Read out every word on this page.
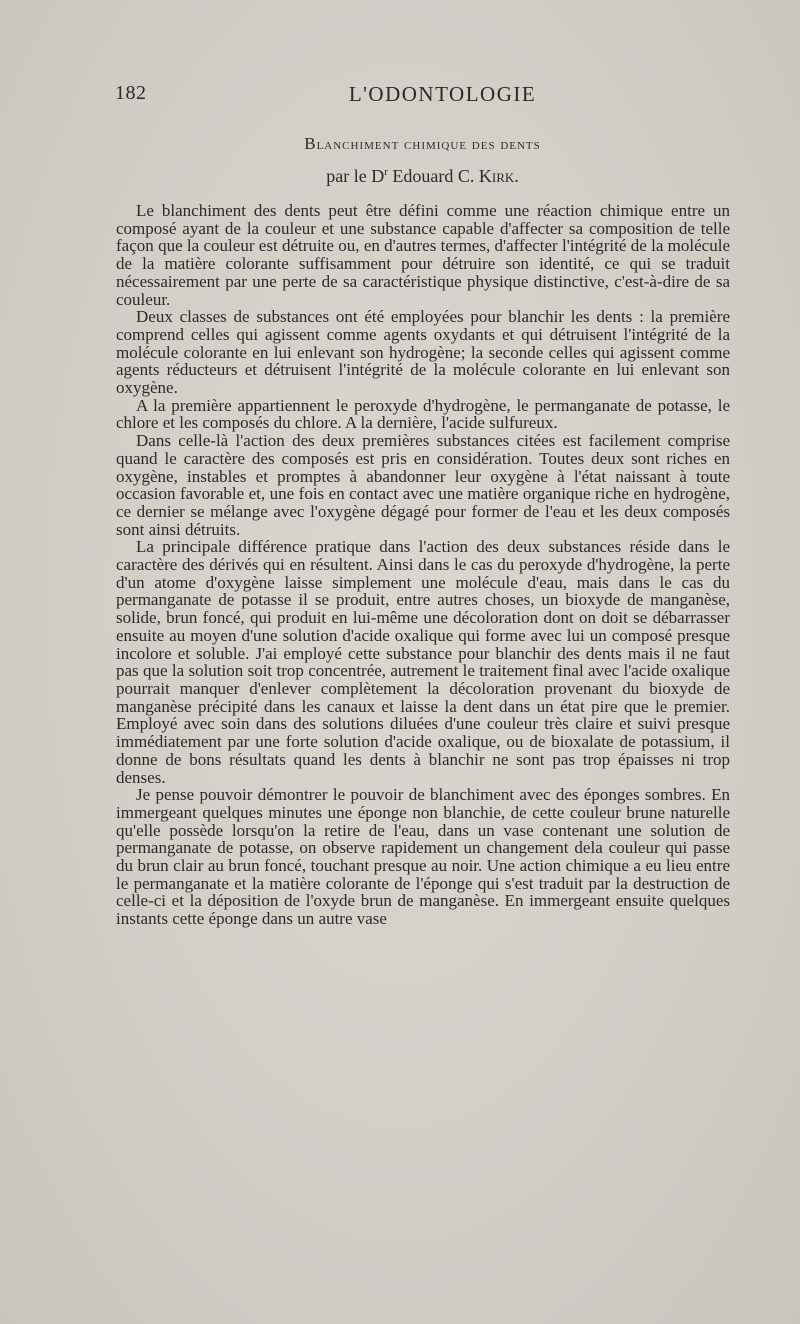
182	L'ODONTOLOGIE
Blanchiment chimique des dents
par le $D^r$ Edouard C. Kirk.

Le blanchiment des dents peut être défini comme une réaction chimique entre un composé ayant de la couleur et une substance capable d'affecter sa composition de telle façon que la couleur est détruite ou, en d'autres termes, d'affecter l'intégrité de la molécule de la matière colorante suffisamment pour détruire son identité, ce qui se traduit nécessairement par une perte de sa caractéristique physique distinctive, c'est-à-dire de sa couleur.

Deux classes de substances ont été employées pour blanchir les dents : la première comprend celles qui agissent comme agents oxydants et qui détruisent l'intégrité de la molécule colorante en lui enlevant son hydrogène; la seconde celles qui agissent comme agents réducteurs et détruisent l'intégrité de la molécule colorante en lui enlevant son oxygène.

A la première appartiennent le peroxyde d'hydrogène, le permanganate de potasse, le chlore et les composés du chlore. A la dernière, l'acide sulfureux.

Dans celle-là l'action des deux premières substances citées est facilement comprise quand le caractère des composés est pris en considération. Toutes deux sont riches en oxygène, instables et promptes à abandonner leur oxygène à l'état naissant à toute occasion favorable et, une fois en contact avec une matière organique riche en hydrogène, ce dernier se mélange avec l'oxygène dégagé pour former de l'eau et les deux composés sont ainsi détruits.

La principale différence pratique dans l'action des deux substances réside dans le caractère des dérivés qui en résultent. Ainsi dans le cas du peroxyde d'hydrogène, la perte d'un atome d'oxygène laisse simplement une molécule d'eau, mais dans le cas du permanganate de potasse il se produit, entre autres choses, un bioxyde de manganèse, solide, brun foncé, qui produit en lui-même une décoloration dont on doit se débarrasser ensuite au moyen d'une solution d'acide oxalique qui forme avec lui un composé presque incolore et soluble. J'ai employé cette substance pour blanchir des dents mais il ne faut pas que la solution soit trop concentrée, autrement le traitement final avec l'acide oxalique pourrait manquer d'enlever complètement la décoloration provenant du bioxyde de manganèse précipité dans les canaux et laisse la dent dans un état pire que le premier. Employé avec soin dans des solutions diluées d'une couleur très claire et suivi presque immédiatement par une forte solution d'acide oxalique, ou de bioxalate de potassium, il donne de bons résultats quand les dents à blanchir ne sont pas trop épaisses ni trop denses.

Je pense pouvoir démontrer le pouvoir de blanchiment avec des éponges sombres. En immergeant quelques minutes une éponge non blanchie, de cette couleur brune naturelle qu'elle possède lorsqu'on la retire de l'eau, dans un vase contenant une solution de permanganate de potasse, on observe rapidement un changement dela couleur qui passe du brun clair au brun foncé, touchant presque au noir. Une action chimique a eu lieu entre le permanganate et la matière colorante de l'éponge qui s'est traduit par la destruction de celle-ci et la déposition de l'oxyde brun de manganèse. En immergeant ensuite quelques instants cette éponge dans un autre vase
